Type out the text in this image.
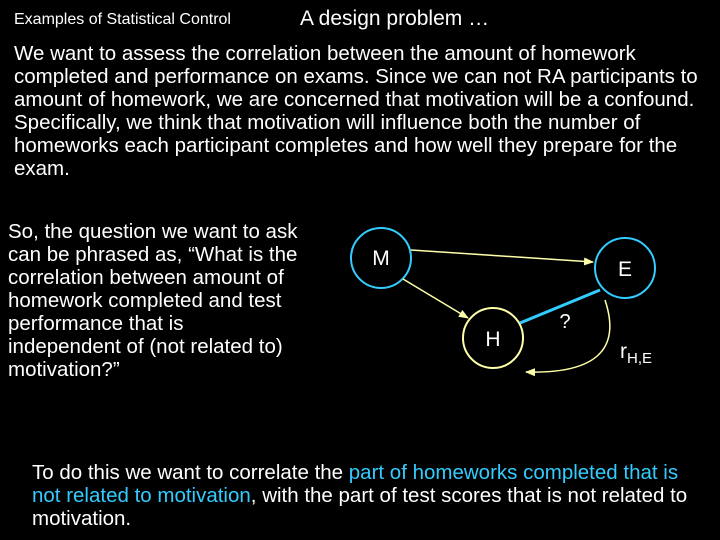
Examples of Statistical Control	A design problem …
We want to assess the correlation between the amount of homework completed and performance on exams. Since we can not RA participants to amount of homework, we are concerned that motivation will be a confound. Specifically, we think that motivation will influence both the number of homeworks each participant completes and how well they prepare for the exam.
So, the question we want to ask can be phrased as, “What is the correlation between amount of homework completed and test performance that is independent of (not related to) motivation?”
M	E
H
?
$r_{H,E}$
To do this we want to correlate the part of homeworks completed that is not related to motivation, with the part of test scores that is not related to motivation.
